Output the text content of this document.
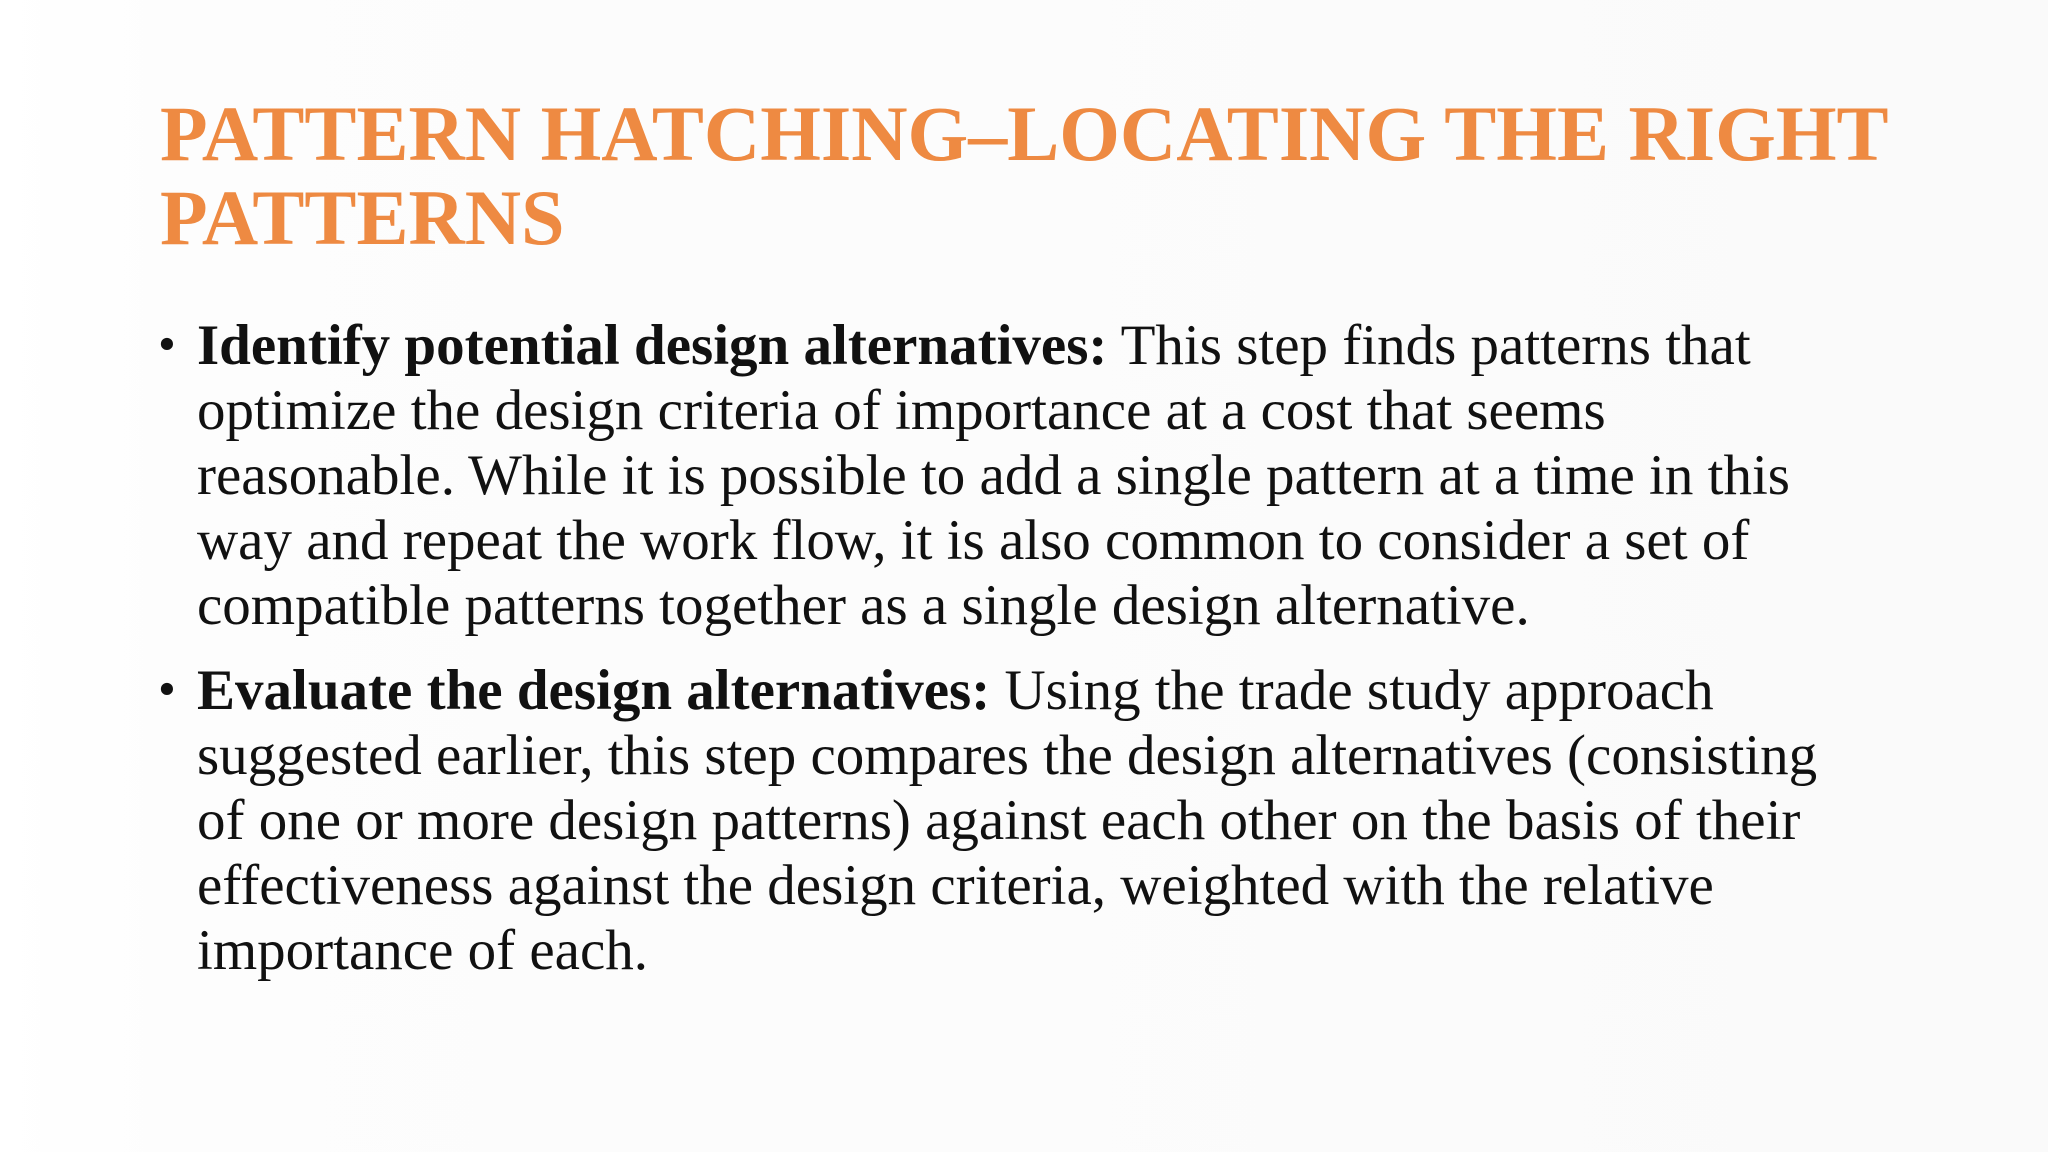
PATTERN HATCHING–LOCATING THE RIGHT
PATTERNS
• Identify potential design alternatives: This step finds patterns that
optimize the design criteria of importance at a cost that seems
reasonable. While it is possible to add a single pattern at a time in this
way and repeat the work flow, it is also common to consider a set of
compatible patterns together as a single design alternative.
• Evaluate the design alternatives: Using the trade study approach
suggested earlier, this step compares the design alternatives (consisting
of one or more design patterns) against each other on the basis of their
effectiveness against the design criteria, weighted with the relative
importance of each.
